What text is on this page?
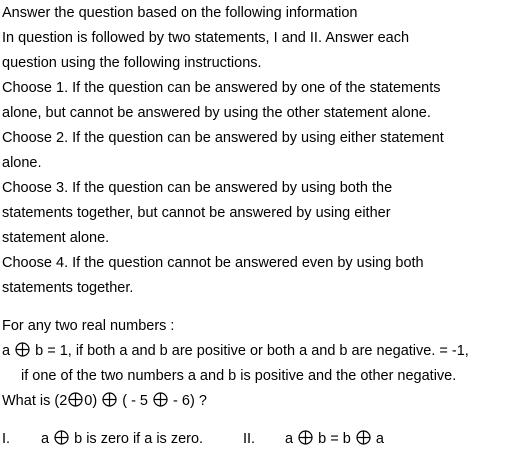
Answer the question based on the following information
In question is followed by two statements, I and II. Answer each
question using the following instructions.
Choose 1. If the question can be answered by one of the statements
alone, but cannot be answered by using the other statement alone.
Choose 2. If the question can be answered by using either statement
alone.
Choose 3. If the question can be answered by using both the
statements together, but cannot be answered by using either
statement alone.
Choose 4. If the question cannot be answered even by using both
statements together.
For any two real numbers :
a
b = 1, if both a and b are positive or both a and b are negative. = -1,
if one of the two numbers a and b is positive and the other negative.
What is (2 0)
( - 5
- 6) ?
I. a
b is zero if a is zero.	II. a
b = b
a
